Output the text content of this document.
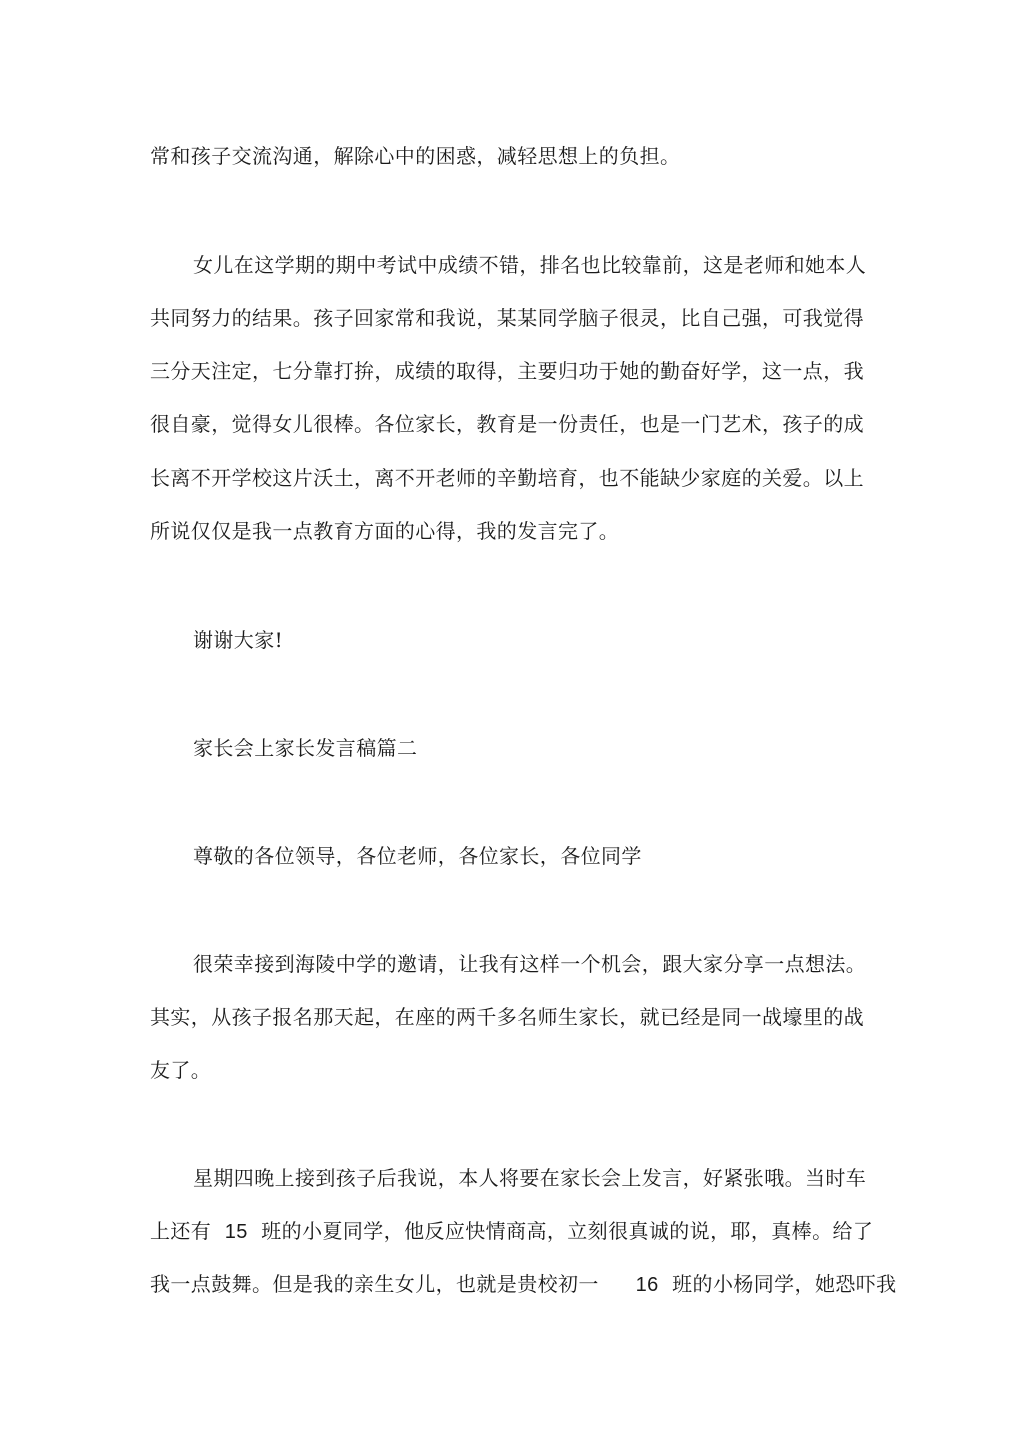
常和孩子交流沟通，解除心中的困惑，减轻思想上的负担。
女儿在这学期的期中考试中成绩不错，排名也比较靠前，这是老师和她本人
共同努力的结果。孩子回家常和我说，某某同学脑子很灵，比自己强，可我觉得
三分天注定，七分靠打拚，成绩的取得，主要归功于她的勤奋好学，这一点，我
很自豪，觉得女儿很棒。各位家长，教育是一份责任，也是一门艺术，孩子的成
长离不开学校这片沃土，离不开老师的辛勤培育，也不能缺少家庭的关爱。以上
所说仅仅是我一点教育方面的心得，我的发言完了。
谢谢大家!
家长会上家长发言稿篇二
尊敬的各位领导，各位老师，各位家长，各位同学
很荣幸接到海陵中学的邀请，让我有这样一个机会，跟大家分享一点想法。
其实，从孩子报名那天起，在座的两千多名师生家长，就已经是同一战壕里的战
友了。
星期四晚上接到孩子后我说，本人将要在家长会上发言，好紧张哦。当时车
上还有 15 班的小夏同学，他反应快情商高，立刻很真诚的说，耶，真棒。给了
我一点鼓舞。但是我的亲生女儿，也就是贵校初一 16 班的小杨同学，她恐吓我
